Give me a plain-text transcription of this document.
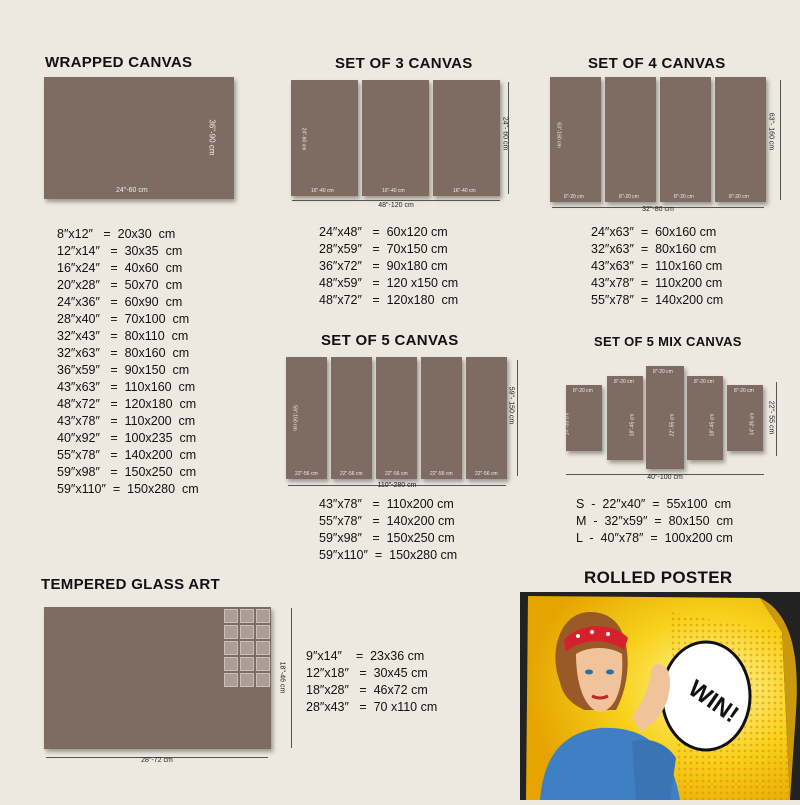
WRAPPED CANVAS
36"-90 cm
24"-60 cm
8″x12″   =  20x30  cm
12″x14″   =  30x35  cm
16″x24″   =  40x60  cm
20″x28″   =  50x70  cm
24″x36″   =  60x90  cm
28″x40″   =  70x100  cm
32″x43″   =  80x110  cm
32″x63″   =  80x160  cm
36″x59″   =  90x150  cm
43″x63″   =  110x160  cm
48″x72″   =  120x180  cm
43″x78″   =  110x200  cm
40″x92″   =  100x235  cm
55″x78″   =  140x200  cm
59″x98″   =  150x250  cm
59″x110″  =  150x280  cm
SET OF 3 CANVAS
24"-60 cm
16"-40 cm	16"-40 cm	16"-40 cm
24"- 60 cm
48"-120 cm
24″x48″   =  60x120 cm
28″x59″   =  70x150 cm
36″x72″   =  90x180 cm
48″x59″   =  120 x150 cm
48″x72″   =  120x180  cm
SET OF 4 CANVAS
63"-160 cm
8"-20 cm	8"-20 cm	8"-20 cm	8"-20 cm
63"- 160 cm
32"-80 cm
24″x63″  =  60x160 cm
32″x63″  =  80x160 cm
43″x63″  =  110x160 cm
43″x78″  =  110x200 cm
55″x78″  =  140x200 cm
SET OF 5 CANVAS
59"-150 cm
22"-56 cm	22"-56 cm	22"-56 cm	22"-56 cm	22"-56 cm
59"- 150 cm
110"-280 cm
43″x78″   =  110x200 cm
55″x78″   =  140x200 cm
59″x98″   =  150x250 cm
59″x110″  =  150x280 cm
SET OF 5 MIX CANVAS
8"-20 cm
14"-35 cm
8"-20 cm
18"-45 cm
8"-20 cm
22"-55 cm
8"-20 cm
18"-45 cm
8"-20 cm
14"-35 cm 22"- 55 cm
40"-100 cm
S  -  22″x40″  =  55x100  cm
M  -  32″x59″  =  80x150  cm
L  -  40″x78″  =  100x200 cm
TEMPERED GLASS ART
18"-46 cm
28"-72 cm
9″x14″    =  23x36 cm
12″x18″   =  30x45 cm
18″x28″   =  46x72 cm
28″x43″   =  70 x110 cm
ROLLED POSTER
WIN!
